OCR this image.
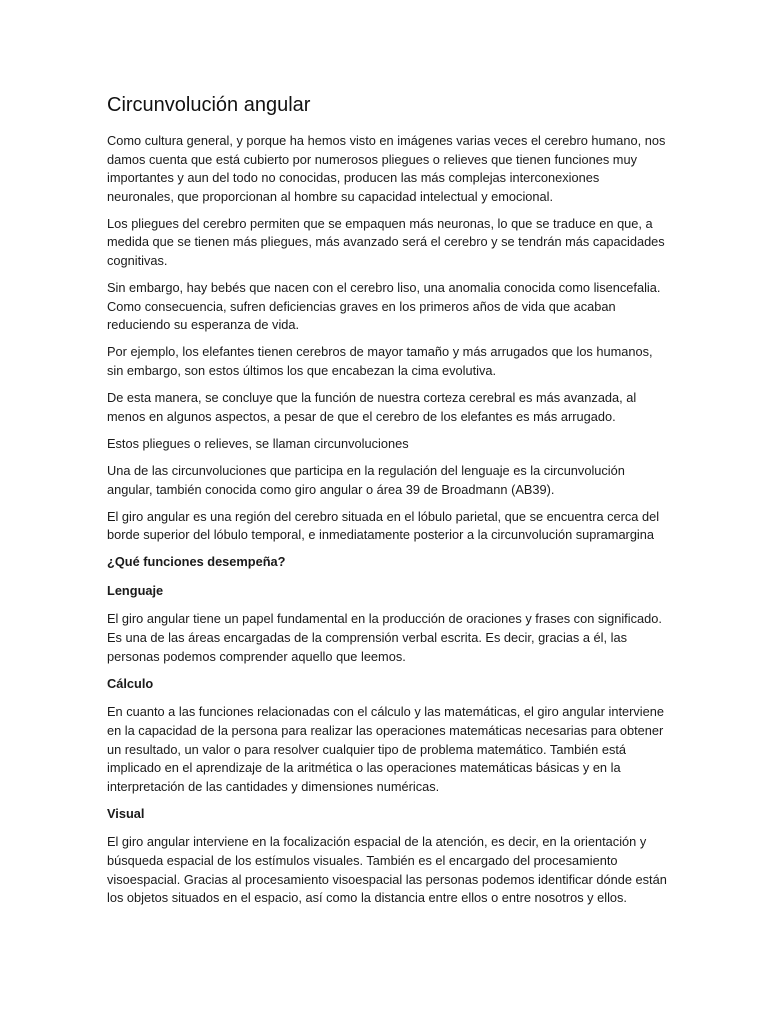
Circunvolución angular

Como cultura general, y porque ha hemos visto en imágenes varias veces el cerebro humano, nos damos cuenta que está cubierto por numerosos pliegues o relieves que tienen funciones muy importantes y aun del todo no conocidas, producen las más complejas interconexiones neuronales, que proporcionan al hombre su capacidad intelectual y emocional.

Los pliegues del cerebro permiten que se empaquen más neuronas, lo que se traduce en que, a medida que se tienen más pliegues, más avanzado será el cerebro y se tendrán más capacidades cognitivas.

Sin embargo, hay bebés que nacen con el cerebro liso, una anomalia conocida como lisencefalia. Como consecuencia, sufren deficiencias graves en los primeros años de vida que acaban reduciendo su esperanza de vida.

Por ejemplo, los elefantes tienen cerebros de mayor tamaño y más arrugados que los humanos, sin embargo, son estos últimos los que encabezan la cima evolutiva.

De esta manera, se concluye que la función de nuestra corteza cerebral es más avanzada, al menos en algunos aspectos, a pesar de que el cerebro de los elefantes es más arrugado.

Estos pliegues o relieves, se llaman circunvoluciones

Una de las circunvoluciones que participa en la regulación del lenguaje es la circunvolución angular, también conocida como giro angular o área 39 de Broadmann (AB39).

El giro angular es una región del cerebro situada en el lóbulo parietal, que se encuentra cerca del borde superior del lóbulo temporal, e inmediatamente posterior a la circunvolución supramargina

¿Qué funciones desempeña?
Lenguaje

El giro angular tiene un papel fundamental en la producción de oraciones y frases con significado. Es una de las áreas encargadas de la comprensión verbal escrita. Es decir, gracias a él, las personas podemos comprender aquello que leemos.

Cálculo

En cuanto a las funciones relacionadas con el cálculo y las matemáticas, el giro angular interviene en la capacidad de la persona para realizar las operaciones matemáticas necesarias para obtener un resultado, un valor o para resolver cualquier tipo de problema matemático. También está implicado en el aprendizaje de la aritmética o las operaciones matemáticas básicas y en la interpretación de las cantidades y dimensiones numéricas.

Visual

El giro angular interviene en la focalización espacial de la atención, es decir, en la orientación y búsqueda espacial de los estímulos visuales. También es el encargado del procesamiento visoespacial. Gracias al procesamiento visoespacial las personas podemos identificar dónde están los objetos situados en el espacio, así como la distancia entre ellos o entre nosotros y ellos.
